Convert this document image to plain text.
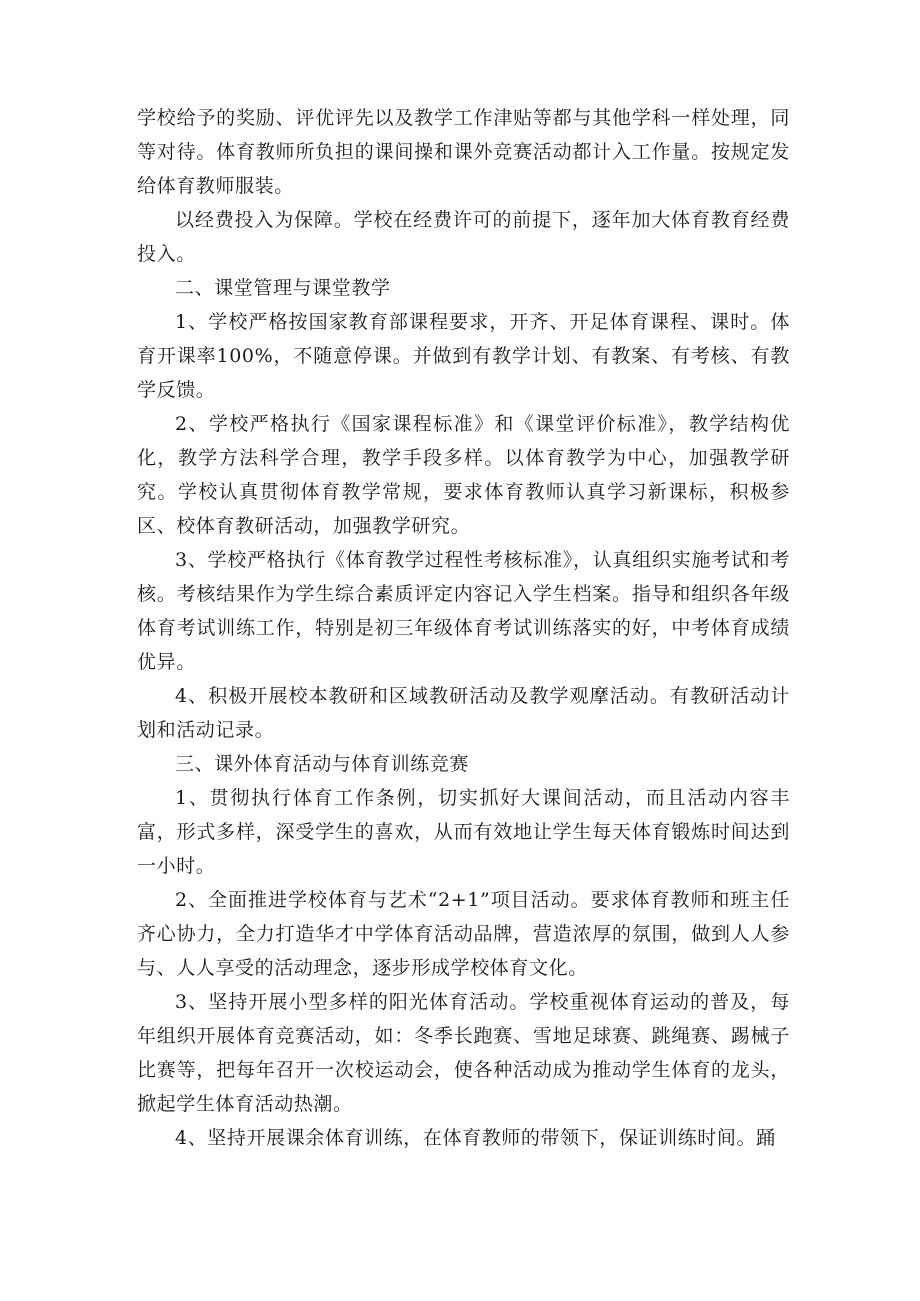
学校给予的奖励、评优评先以及教学工作津贴等都与其他学科一样处理，同等对待。体育教师所负担的课间操和课外竞赛活动都计入工作量。按规定发给体育教师服装。

以经费投入为保障。学校在经费许可的前提下，逐年加大体育教育经费投入。

二、课堂管理与课堂教学

1、学校严格按国家教育部课程要求，开齐、开足体育课程、课时。体育开课率100%，不随意停课。并做到有教学计划、有教案、有考核、有教学反馈。

2、学校严格执行《国家课程标准》和《课堂评价标准》，教学结构优化，教学方法科学合理，教学手段多样。以体育教学为中心，加强教学研究。学校认真贯彻体育教学常规，要求体育教师认真学习新课标，积极参区、校体育教研活动，加强教学研究。

3、学校严格执行《体育教学过程性考核标准》，认真组织实施考试和考核。考核结果作为学生综合素质评定内容记入学生档案。指导和组织各年级体育考试训练工作，特别是初三年级体育考试训练落实的好，中考体育成绩优异。

4、积极开展校本教研和区域教研活动及教学观摩活动。有教研活动计划和活动记录。

三、课外体育活动与体育训练竞赛

1、贯彻执行体育工作条例，切实抓好大课间活动，而且活动内容丰富，形式多样，深受学生的喜欢，从而有效地让学生每天体育锻炼时间达到一小时。

2、全面推进学校体育与艺术“2+1”项目活动。要求体育教师和班主任齐心协力，全力打造华才中学体育活动品牌，营造浓厚的氛围，做到人人参与、人人享受的活动理念，逐步形成学校体育文化。

3、坚持开展小型多样的阳光体育活动。学校重视体育运动的普及，每年组织开展体育竞赛活动，如：冬季长跑赛、雪地足球赛、跳绳赛、踢械子比赛等，把每年召开一次校运动会，使各种活动成为推动学生体育的龙头，掀起学生体育活动热潮。

4、坚持开展课余体育训练，在体育教师的带领下，保证训练时间。踊
